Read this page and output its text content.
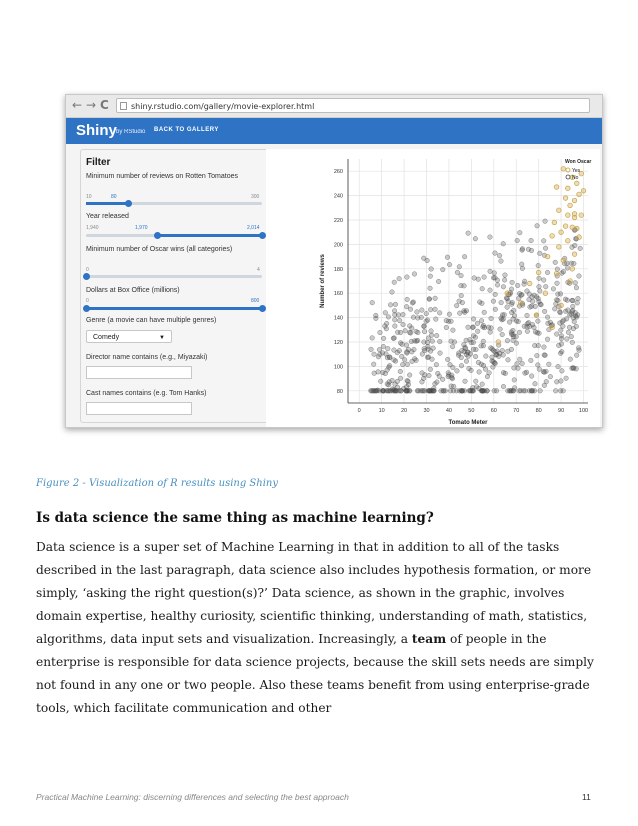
← → C	shiny.rstudio.com/gallery/movie-explorer.html
Shiny by RStudio BACK TO GALLERY
Filter
Minimum number of reviews on Rotten Tomatoes
10	80	300
Year released
1,940	1,970	2,014
Minimum number of Oscar wins (all categories)
0	4
Dollars at Box Office (millions)
0	800
Genre (a movie can have multiple genres)
Comedy	▼
Director name contains (e.g., Miyazaki)
Cast names contains (e.g. Tom Hanks)
0	10	20	30	40	50	60	70	80	90	100
80
100
120
140
160
180
200
220
240
260
Tomato Meter
Number of reviews
Won Oscar
Yes
No
Figure 2 - Visualization of R results using Shiny
Is data science the same thing as machine learning?

Data science is a super set of Machine Learning in that in addition to all of the tasks described in the last paragraph, data science also includes hypothesis formation, or more simply, ‘asking the right question(s)?’ Data science, as shown in the graphic, involves domain expertise, healthy curiosity, scientific thinking, understanding of math, statistics, algorithms, data input sets and visualization. Increasingly, a team of people in the enterprise is responsible for data science projects, because the skill sets needs are simply not found in any one or two people. Also these teams benefit from using enterprise-grade tools, which facilitate communication and other

Practical Machine Learning: discerning differences and selecting the best approach	11
